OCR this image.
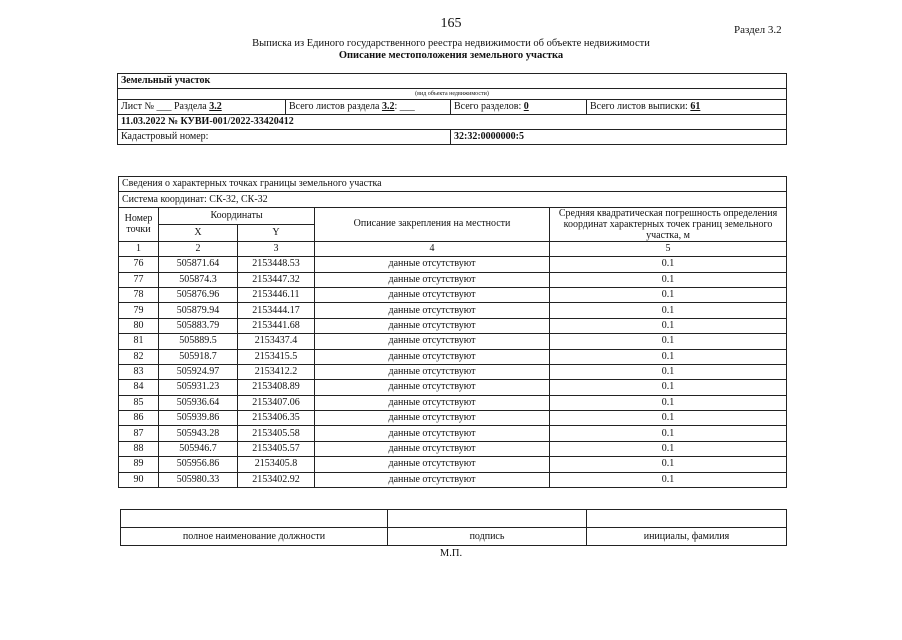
165	Раздел 3.2
Выписка из Единого государственного реестра недвижимости об объекте недвижимости
Описание местоположения земельного участка
Земельный участок			
(вид объекта недвижимости)			
Лист № ___ Раздела 3.2	Всего листов раздела 3.2: ___	Всего разделов: 0	Всего листов выписки: 61
11.03.2022 № КУВИ-001/2022-33420412			
Кадастровый номер:		32:32:0000000:5	
Сведения о характерных точках границы земельного участка				
Система координат: СК-32, СК-32				
Номер точки	Координаты		Описание закрепления на местности	Средняя квадратическая погрешность определения координат характерных точек границ земельного участка, м
	X	Y		
1	2	3	4	5
76	505871.64	2153448.53	данные отсутствуют	0.1
77	505874.3	2153447.32	данные отсутствуют	0.1
78	505876.96	2153446.11	данные отсутствуют	0.1
79	505879.94	2153444.17	данные отсутствуют	0.1
80	505883.79	2153441.68	данные отсутствуют	0.1
81	505889.5	2153437.4	данные отсутствуют	0.1
82	505918.7	2153415.5	данные отсутствуют	0.1
83	505924.97	2153412.2	данные отсутствуют	0.1
84	505931.23	2153408.89	данные отсутствуют	0.1
85	505936.64	2153407.06	данные отсутствуют	0.1
86	505939.86	2153406.35	данные отсутствуют	0.1
87	505943.28	2153405.58	данные отсутствуют	0.1
88	505946.7	2153405.57	данные отсутствуют	0.1
89	505956.86	2153405.8	данные отсутствуют	0.1
90	505980.33	2153402.92	данные отсутствуют	0.1

полное наименование должности	подпись	инициалы, фамилия
М.П.
